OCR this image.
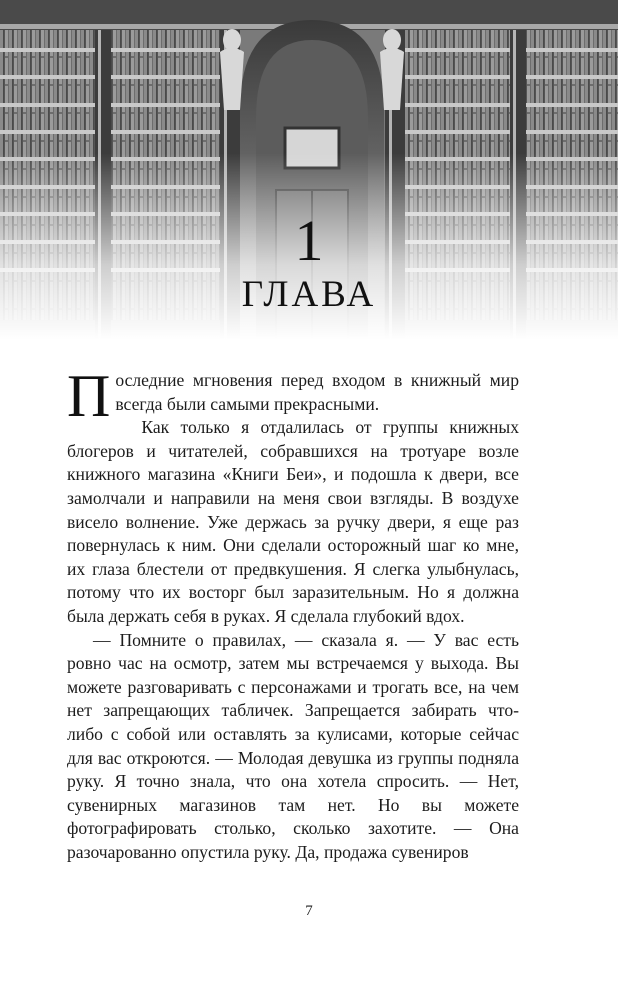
1
ГЛАВА

Последние мгновения перед входом в книжный мир всегда были самыми прекрасными.

Как только я отдалилась от группы книжных блогеров и читателей, собравшихся на тротуаре возле книжного магазина «Книги Беи», и подошла к двери, все замолчали и направили на меня свои взгляды. В воздухе висело волнение. Уже держась за ручку двери, я еще раз повернулась к ним. Они сделали осторожный шаг ко мне, их глаза блестели от предвкушения. Я слегка улыбнулась, потому что их восторг был заразительным. Но я должна была держать себя в руках. Я сделала глубокий вдох.

— Помните о правилах, — сказала я. — У вас есть ровно час на осмотр, затем мы встречаемся у выхода. Вы можете разговаривать с персонажами и трогать все, на чем нет запрещающих табличек. Запрещается забирать что-либо с собой или оставлять за кулисами, которые сейчас для вас откроются. — Молодая девушка из группы подняла руку. Я точно знала, что она хотела спросить. — Нет, сувенирных магазинов там нет. Но вы можете фотографировать столько, сколько захотите. — Она разочарованно опустила руку. Да, продажа сувениров

7
